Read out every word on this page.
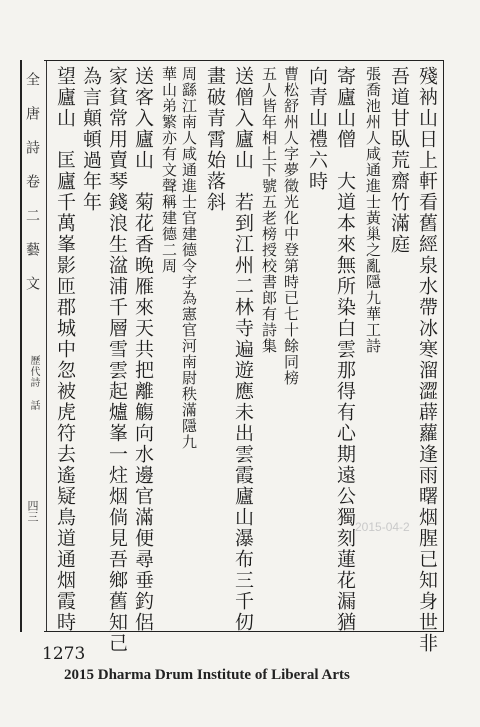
全 唐 詩 卷 二 藝 文
歷代詩 話
四三	殘衲山日上軒看舊經泉水帶冰寒溜澀薜蘿逢雨曙烟腥已知身世非
吾道甘臥荒齋竹滿庭
張喬池州人咸通進士黃巢之亂隱九華工詩
寄廬山僧　大道本來無所染白雲那得有心期遠公獨刻蓮花漏猶
向青山禮六時
曹松舒州人字夢徵光化中登第時已七十餘同榜
五人皆年相上下號五老榜授校書郎有詩集
送僧入廬山　若到江州二林寺遍遊應未出雲霞廬山瀑布三千仞
畫破青霄始落斜
周繇江南人咸通進士官建德令字為憲官河南尉秩滿隱九
華山弟繁亦有文聲稱建德二周
送客入廬山　菊花香晚雁來天共把離觴向水邊官滿便尋垂釣侶
家貧常用賣琴錢浪生湓浦千層雪雲起爐峯一炷烟倘見吾鄉舊知己
為言顛頓過年年
望廬山　匡廬千萬峯影匝郡城中忽被虎符去遙疑鳥道通烟霞時	2015-04-2
1273
2015 Dharma Drum Institute of Liberal Arts
